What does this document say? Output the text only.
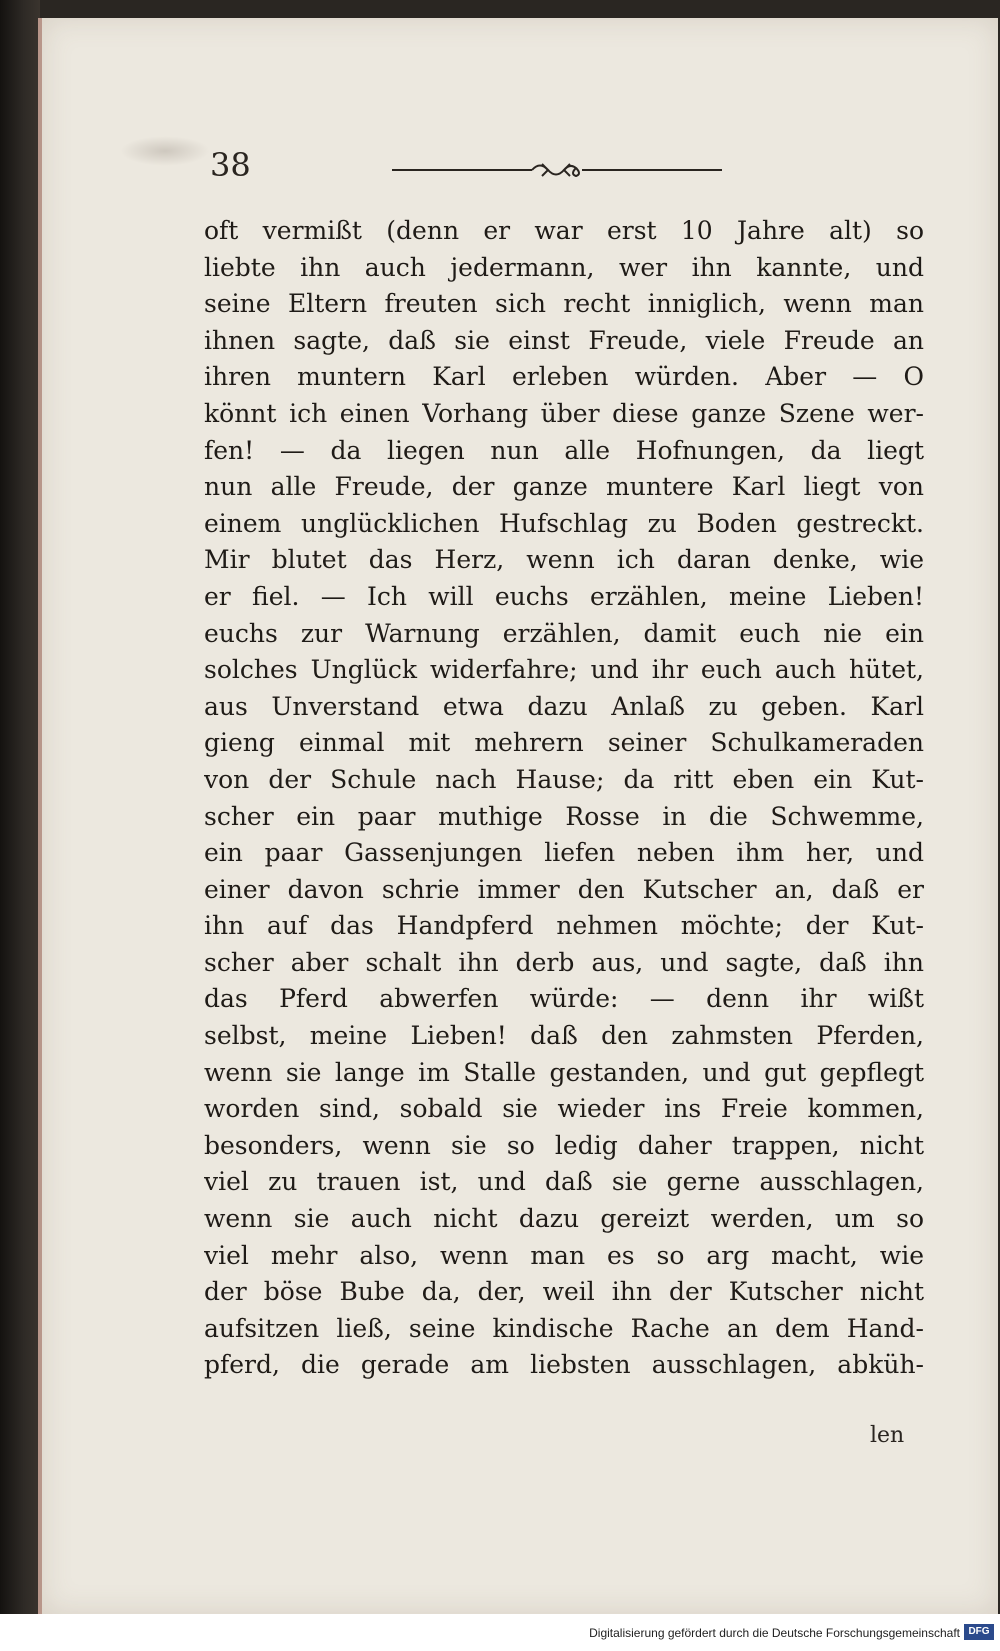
38
oft vermißt (denn er war erst 10 Jahre alt) so
liebte ihn auch jedermann, wer ihn kannte, und
seine Eltern freuten sich recht inniglich, wenn man
ihnen sagte, daß sie einst Freude, viele Freude an
ihren muntern Karl erleben würden. Aber — O
könnt ich einen Vorhang über diese ganze Szene wer-
fen! — da liegen nun alle Hofnungen, da liegt
nun alle Freude, der ganze muntere Karl liegt von
einem unglücklichen Hufschlag zu Boden gestreckt.
Mir blutet das Herz, wenn ich daran denke, wie
er fiel. — Ich will euchs erzählen, meine Lieben!
euchs zur Warnung erzählen, damit euch nie ein
solches Unglück widerfahre; und ihr euch auch hütet,
aus Unverstand etwa dazu Anlaß zu geben. Karl
gieng einmal mit mehrern seiner Schulkameraden
von der Schule nach Hause; da ritt eben ein Kut-
scher ein paar muthige Rosse in die Schwemme,
ein paar Gassenjungen liefen neben ihm her, und
einer davon schrie immer den Kutscher an, daß er
ihn auf das Handpferd nehmen möchte; der Kut-
scher aber schalt ihn derb aus, und sagte, daß ihn
das Pferd abwerfen würde: — denn ihr wißt
selbst, meine Lieben! daß den zahmsten Pferden,
wenn sie lange im Stalle gestanden, und gut gepflegt
worden sind, sobald sie wieder ins Freie kommen,
besonders, wenn sie so ledig daher trappen, nicht
viel zu trauen ist, und daß sie gerne ausschlagen,
wenn sie auch nicht dazu gereizt werden, um so
viel mehr also, wenn man es so arg macht, wie
der böse Bube da, der, weil ihn der Kutscher nicht
aufsitzen ließ, seine kindische Rache an dem Hand-
pferd, die gerade am liebsten ausschlagen, abküh-
len
Digitalisierung gefördert durch die Deutsche Forschungsgemeinschaft DFG
